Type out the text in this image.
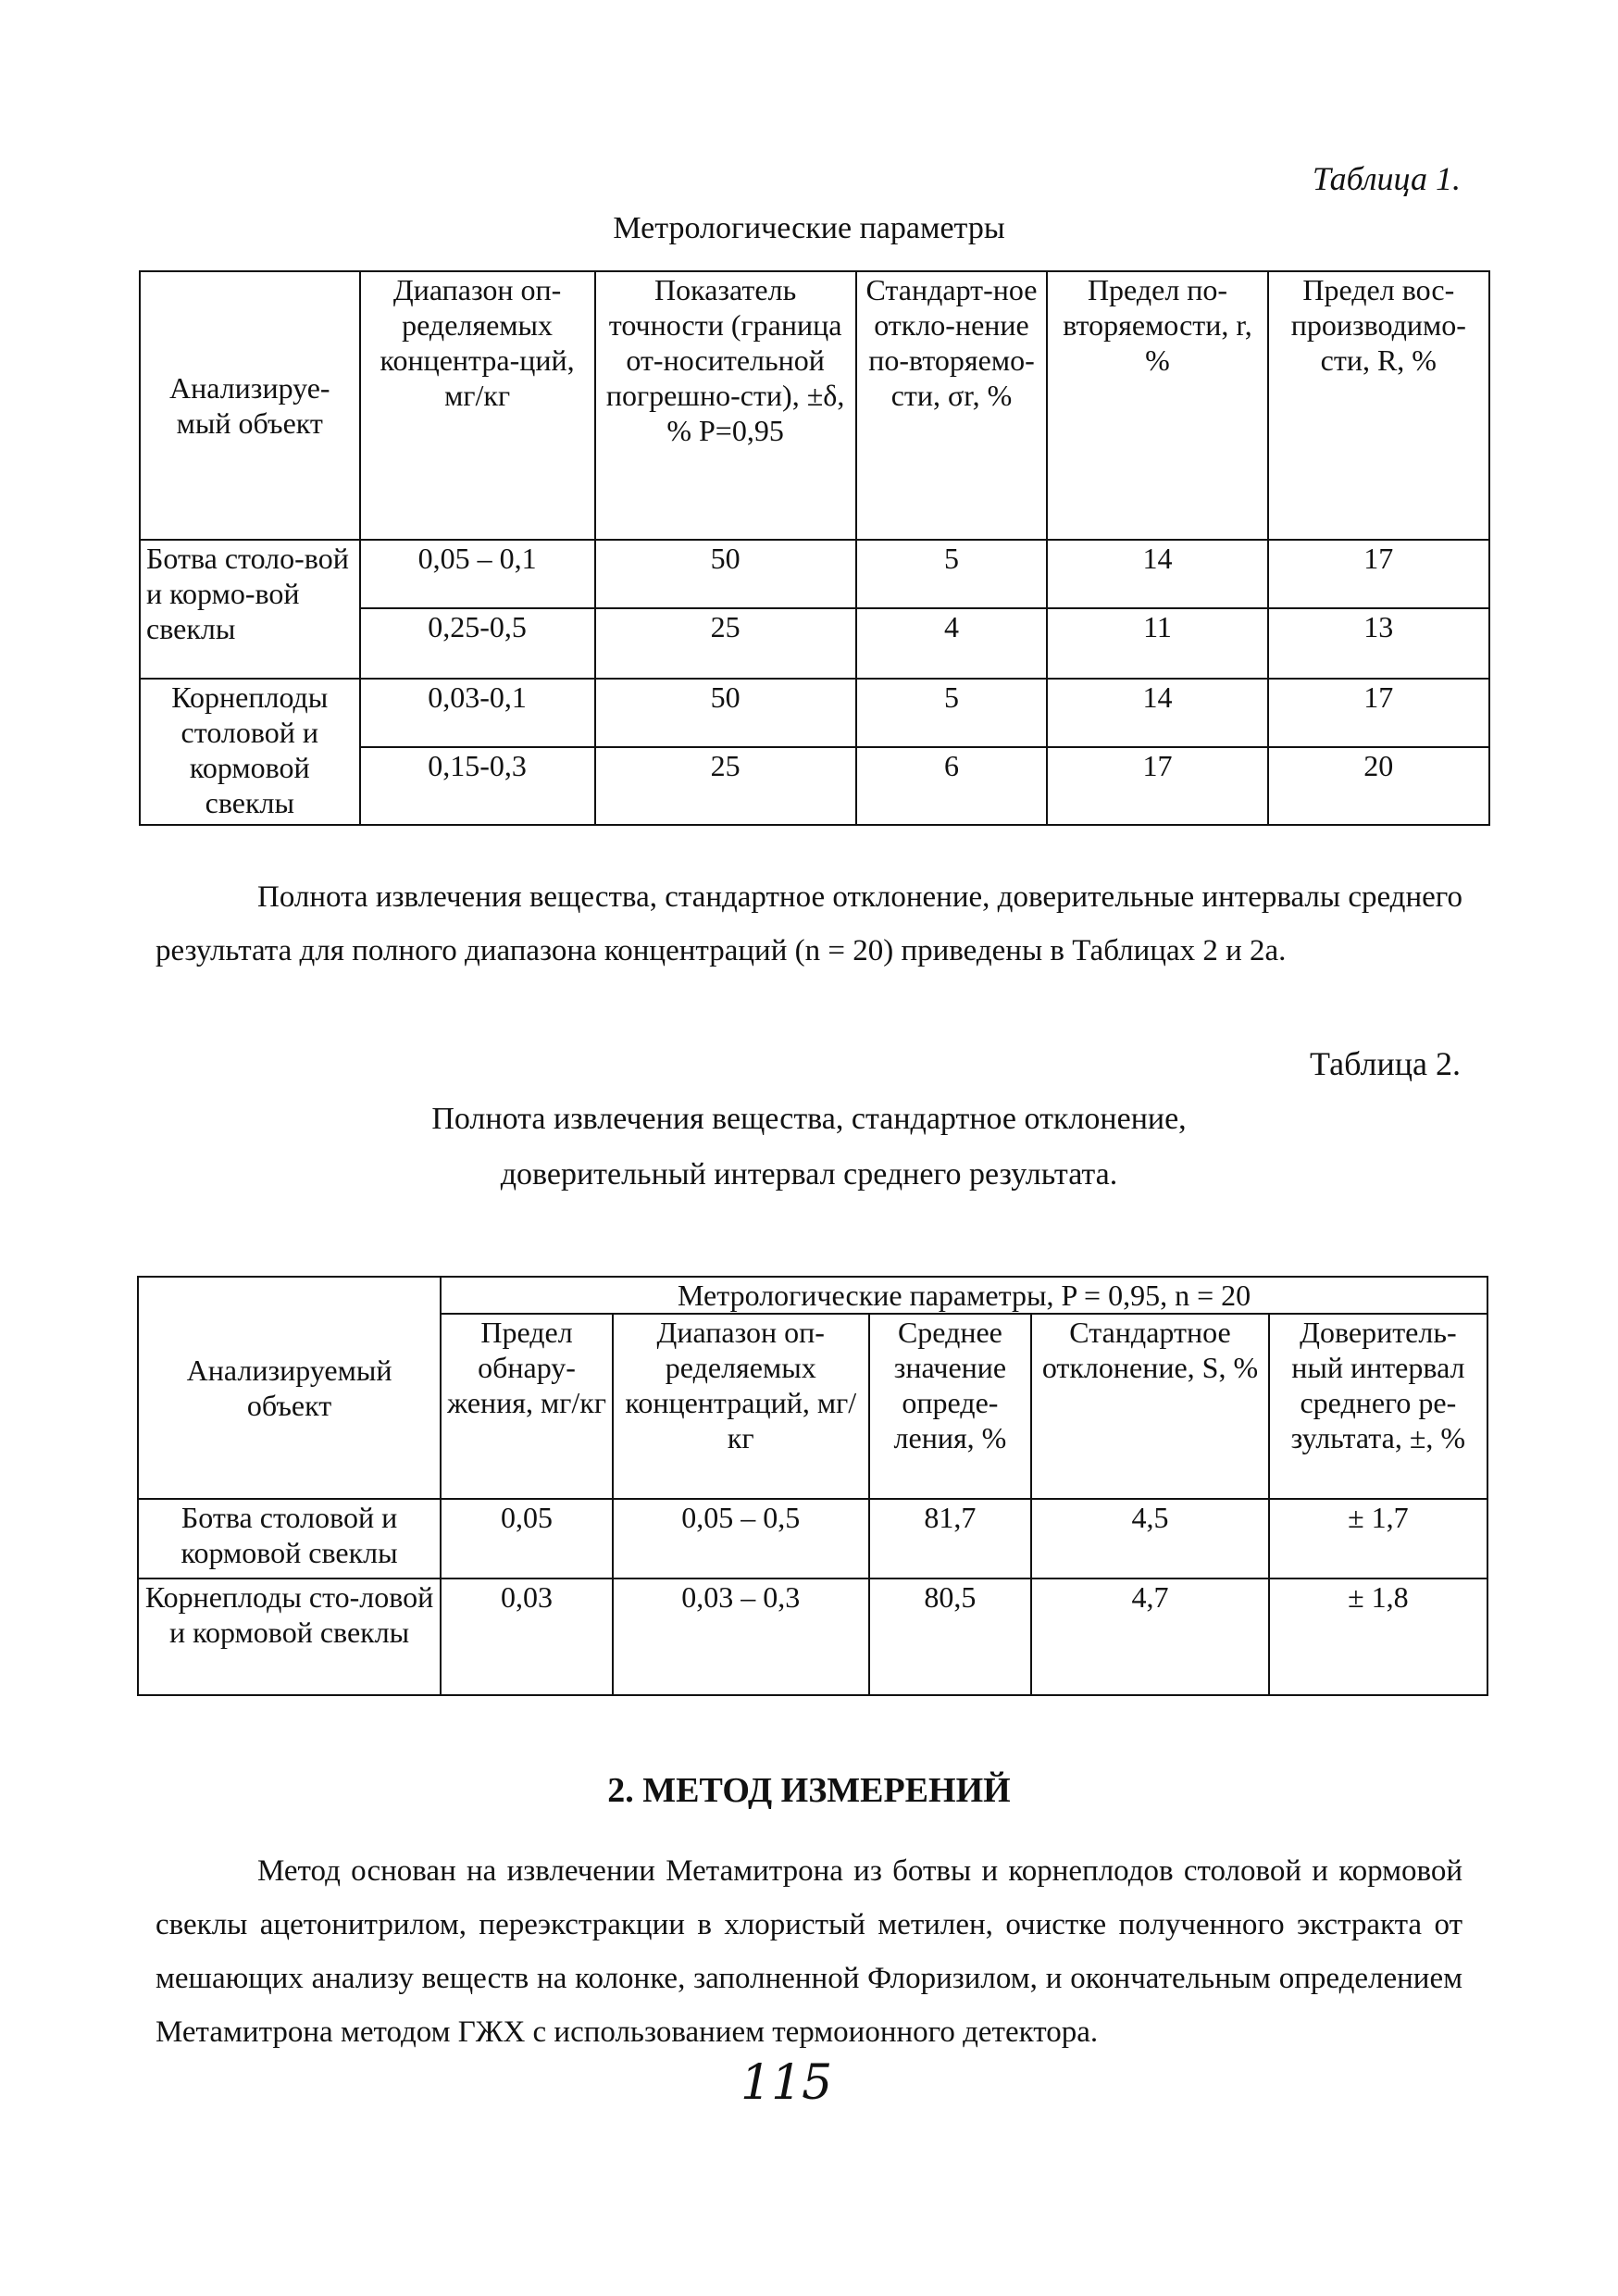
Таблица 1.
Метрологические параметры
Анализируе-мый объект	Диапазон оп-ределяемых концентра-ций, мг/кг	Показатель точности (граница от-носительной погрешно-сти), ±δ, % P=0,95	Стандарт-ное откло-нение по-вторяемо-сти, σr, %	Предел по-вторяемости, r, %	Предел вос-производимо-сти, R, %
Ботва столо-вой и кормо-вой свеклы	0,05 – 0,1	50	5	14	17
	0,25-0,5	25	4	11	13
Корнеплоды столовой и кормовой свеклы	0,03-0,1	50	5	14	17
	0,15-0,3	25	6	17	20
Полнота извлечения вещества, стандартное отклонение, доверительные интервалы среднего результата для полного диапазона концентраций (n = 20) приведены в Таблицах 2 и 2а.
Таблица 2.
Полнота извлечения вещества, стандартное отклонение,
доверительный интервал среднего результата.
Анализируемый объект	Метрологические параметры, P = 0,95, n = 20				
	Предел обнару-жения, мг/кг	Диапазон оп-ределяемых концентраций, мг/кг	Среднее значение опреде-ления, %	Стандартное отклонение, S, %	Доверитель-ный интервал среднего ре-зультата, ±, %
Ботва столовой и кормовой свеклы	0,05	0,05 – 0,5	81,7	4,5	± 1,7
Корнеплоды сто-ловой и кормовой свеклы	0,03	0,03 – 0,3	80,5	4,7	± 1,8
2. МЕТОД ИЗМЕРЕНИЙ
Метод основан на извлечении Метамитрона из ботвы и корнеплодов столовой и кормовой свеклы ацетонитрилом, переэкстракции в хлористый метилен, очистке полученного экстракта от мешающих анализу веществ на колонке, заполненной Флоризилом, и окончательным определением Метамитрона методом ГЖХ с использованием термоионного детектора.
115
